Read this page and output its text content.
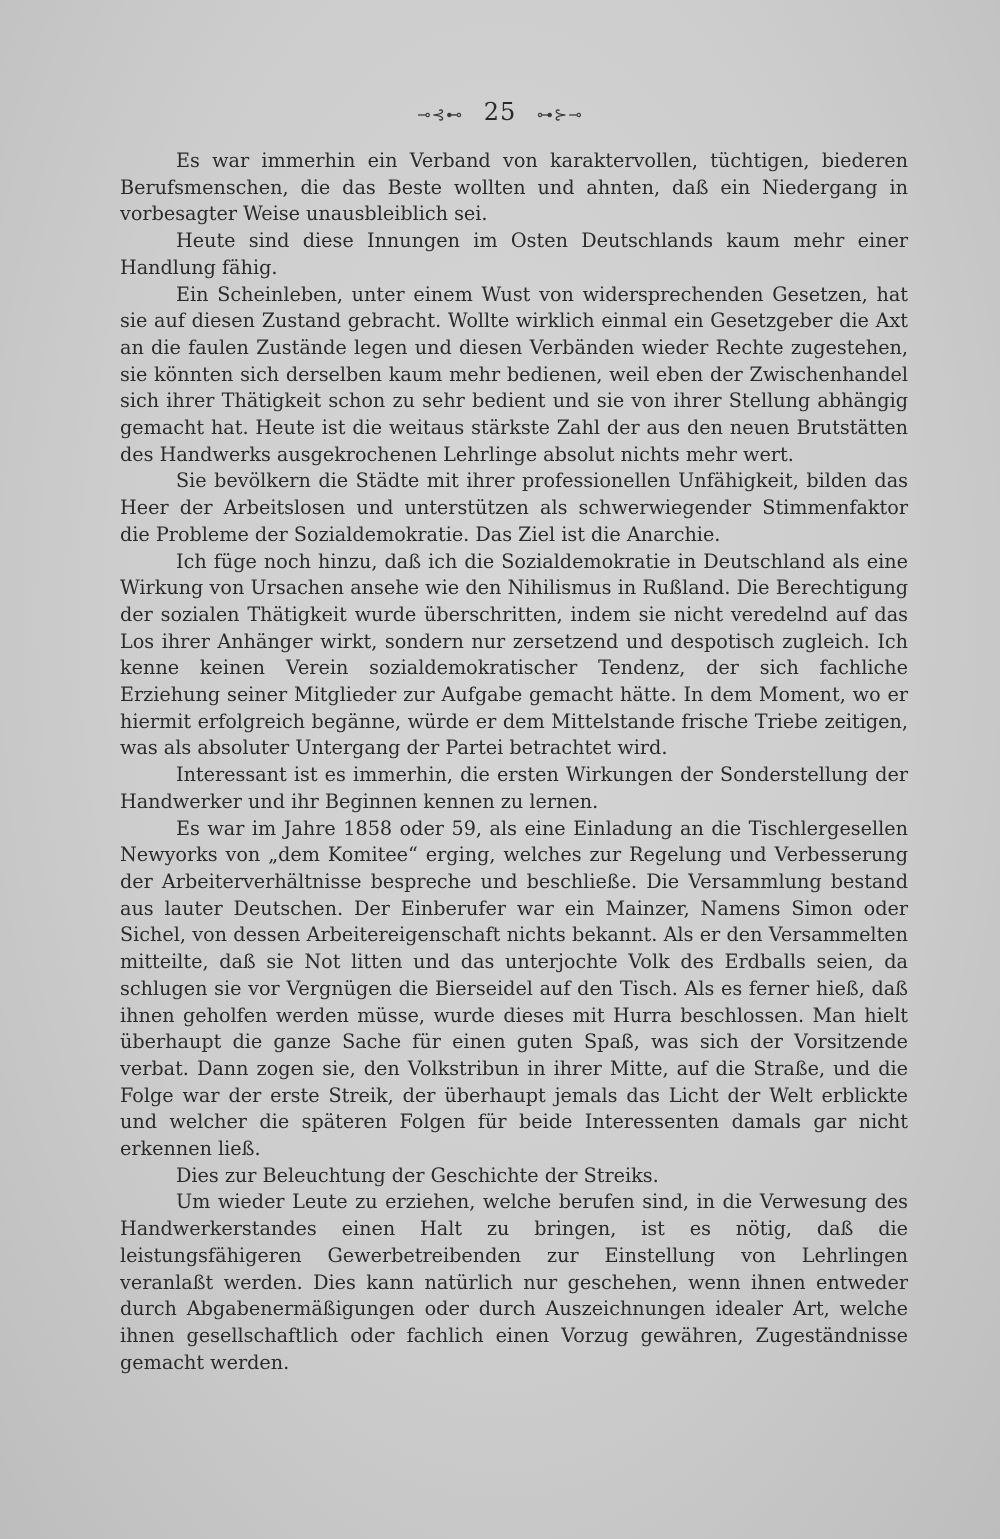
⊸⊰⊷ 25 ⊶⊱⊸

Es war immerhin ein Verband von karaktervollen, tüchtigen, biederen Berufsmenschen, die das Beste wollten und ahnten, daß ein Niedergang in vorbesagter Weise unausbleiblich sei.

Heute sind diese Innungen im Osten Deutschlands kaum mehr einer Handlung fähig.

Ein Scheinleben, unter einem Wust von widersprechenden Gesetzen, hat sie auf diesen Zustand gebracht. Wollte wirklich einmal ein Gesetzgeber die Axt an die faulen Zustände legen und diesen Verbänden wieder Rechte zugestehen, sie könnten sich derselben kaum mehr bedienen, weil eben der Zwischenhandel sich ihrer Thätigkeit schon zu sehr bedient und sie von ihrer Stellung abhängig gemacht hat. Heute ist die weitaus stärkste Zahl der aus den neuen Brutstätten des Handwerks ausgekrochenen Lehrlinge absolut nichts mehr wert.

Sie bevölkern die Städte mit ihrer professionellen Unfähigkeit, bilden das Heer der Arbeitslosen und unterstützen als schwerwiegender Stimmenfaktor die Probleme der Sozialdemokratie. Das Ziel ist die Anarchie.

Ich füge noch hinzu, daß ich die Sozialdemokratie in Deutschland als eine Wirkung von Ursachen ansehe wie den Nihilismus in Rußland. Die Berechtigung der sozialen Thätigkeit wurde überschritten, indem sie nicht veredelnd auf das Los ihrer Anhänger wirkt, sondern nur zersetzend und despotisch zugleich. Ich kenne keinen Verein sozialdemokratischer Tendenz, der sich fachliche Erziehung seiner Mitglieder zur Aufgabe gemacht hätte. In dem Moment, wo er hiermit erfolgreich begänne, würde er dem Mittelstande frische Triebe zeitigen, was als absoluter Untergang der Partei betrachtet wird.

Interessant ist es immerhin, die ersten Wirkungen der Sonderstellung der Handwerker und ihr Beginnen kennen zu lernen.

Es war im Jahre 1858 oder 59, als eine Einladung an die Tischlergesellen Newyorks von „dem Komitee“ erging, welches zur Regelung und Verbesserung der Arbeiterverhältnisse bespreche und beschließe. Die Versammlung bestand aus lauter Deutschen. Der Einberufer war ein Mainzer, Namens Simon oder Sichel, von dessen Arbeitereigenschaft nichts bekannt. Als er den Versammelten mitteilte, daß sie Not litten und das unterjochte Volk des Erdballs seien, da schlugen sie vor Vergnügen die Bierseidel auf den Tisch. Als es ferner hieß, daß ihnen geholfen werden müsse, wurde dieses mit Hurra beschlossen. Man hielt überhaupt die ganze Sache für einen guten Spaß, was sich der Vorsitzende verbat. Dann zogen sie, den Volkstribun in ihrer Mitte, auf die Straße, und die Folge war der erste Streik, der überhaupt jemals das Licht der Welt erblickte und welcher die späteren Folgen für beide Interessenten damals gar nicht erkennen ließ.

Dies zur Beleuchtung der Geschichte der Streiks.

Um wieder Leute zu erziehen, welche berufen sind, in die Verwesung des Handwerkerstandes einen Halt zu bringen, ist es nötig, daß die leistungsfähigeren Gewerbetreibenden zur Einstellung von Lehrlingen veranlaßt werden. Dies kann natürlich nur geschehen, wenn ihnen entweder durch Abgabenermäßigungen oder durch Auszeichnungen idealer Art, welche ihnen gesellschaftlich oder fachlich einen Vorzug gewähren, Zugeständnisse gemacht werden.
